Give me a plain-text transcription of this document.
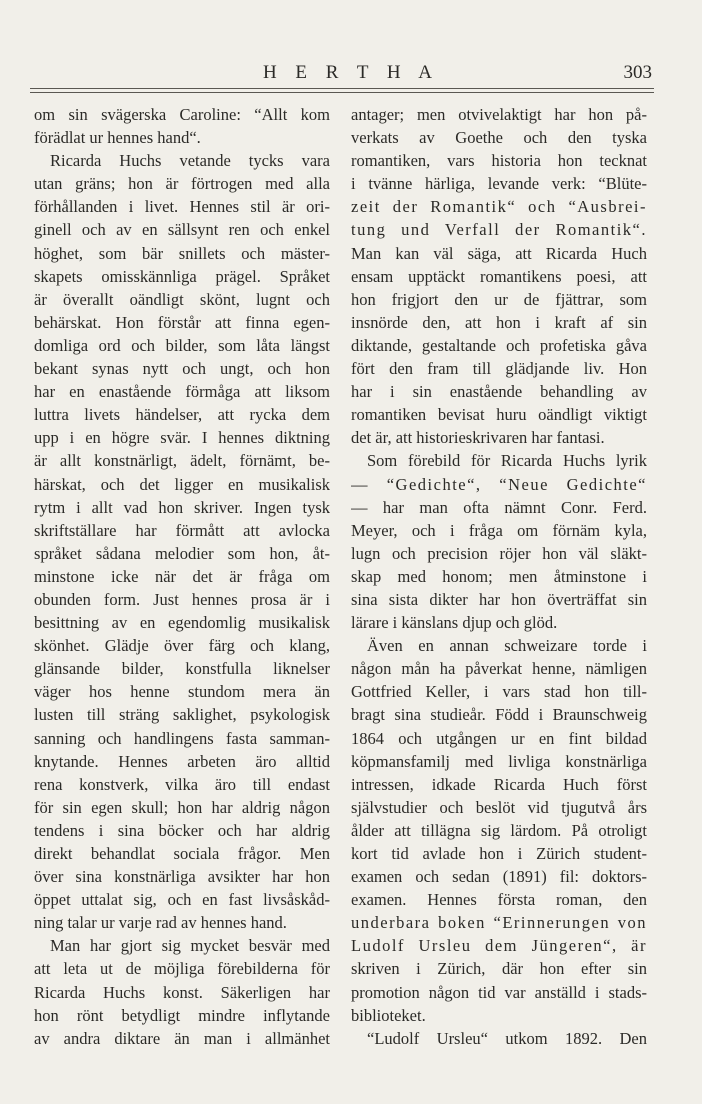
H E R T H A	303
om sin svägerska Caroline: “Allt kom
förädlat ur hennes hand“.
Ricarda Huchs vetande tycks vara
utan gräns; hon är förtrogen med alla
förhållanden i livet. Hennes stil är ori-
ginell och av en sällsynt ren och enkel
höghet, som bär snillets och mäster-
skapets omisskännliga prägel. Språket
är överallt oändligt skönt, lugnt och
behärskat. Hon förstår att finna egen-
domliga ord och bilder, som låta längst
bekant synas nytt och ungt, och hon
har en enastående förmåga att liksom
luttra livets händelser, att rycka dem
upp i en högre svär. I hennes diktning
är allt konstnärligt, ädelt, förnämt, be-
härskat, och det ligger en musikalisk
rytm i allt vad hon skriver. Ingen tysk
skriftställare har förmått att avlocka
språket sådana melodier som hon, åt-
minstone icke när det är fråga om
obunden form. Just hennes prosa är i
besittning av en egendomlig musikalisk
skönhet. Glädje över färg och klang,
glänsande bilder, konstfulla liknelser
väger hos henne stundom mera än
lusten till sträng saklighet, psykologisk
sanning och handlingens fasta samman-
knytande. Hennes arbeten äro alltid
rena konstverk, vilka äro till endast
för sin egen skull; hon har aldrig någon
tendens i sina böcker och har aldrig
direkt behandlat sociala frågor. Men
över sina konstnärliga avsikter har hon
öppet uttalat sig, och en fast livsåskåd-
ning talar ur varje rad av hennes hand.
Man har gjort sig mycket besvär med
att leta ut de möjliga förebilderna för
Ricarda Huchs konst. Säkerligen har
hon rönt betydligt mindre inflytande
av andra diktare än man i allmänhet
antager; men otvivelaktigt har hon på-
verkats av Goethe och den tyska
romantiken, vars historia hon tecknat
i tvänne härliga, levande verk: “Blüte-
zeit der Romantik“ och “Ausbrei-
tung und Verfall der Romantik“.
Man kan väl säga, att Ricarda Huch
ensam upptäckt romantikens poesi, att
hon frigjort den ur de fjättrar, som
insnörde den, att hon i kraft af sin
diktande, gestaltande och profetiska gåva
fört den fram till glädjande liv. Hon
har i sin enastående behandling av
romantiken bevisat huru oändligt viktigt
det är, att historieskrivaren har fantasi.
Som förebild för Ricarda Huchs lyrik
— “Gedichte“, “Neue Gedichte“
— har man ofta nämnt Conr. Ferd.
Meyer, och i fråga om förnäm kyla,
lugn och precision röjer hon väl släkt-
skap med honom; men åtminstone i
sina sista dikter har hon överträffat sin
lärare i känslans djup och glöd.
Även en annan schweizare torde i
någon mån ha påverkat henne, nämligen
Gottfried Keller, i vars stad hon till-
bragt sina studieår. Född i Braunschweig
1864 och utgången ur en fint bildad
köpmansfamilj med livliga konstnärliga
intressen, idkade Ricarda Huch först
självstudier och beslöt vid tjugutvå års
ålder att tillägna sig lärdom. På otroligt
kort tid avlade hon i Zürich student-
examen och sedan (1891) fil: doktors-
examen. Hennes första roman, den
underbara boken “Erinnerungen von
Ludolf Ursleu dem Jüngeren“, är
skriven i Zürich, där hon efter sin
promotion någon tid var anställd i stads-
biblioteket.
“Ludolf Ursleu“ utkom 1892. Den
